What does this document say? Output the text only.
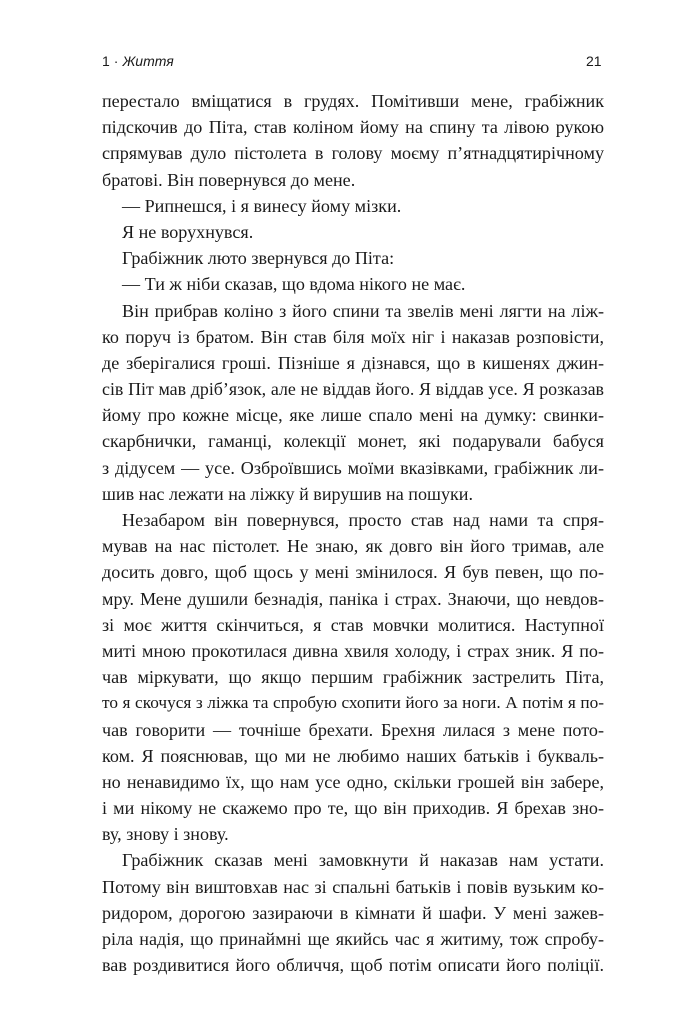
1 · Життя	21
перестало вміщатися в грудях. Помітивши мене, грабіжник
підскочив до Піта, став коліном йому на спину та лівою рукою
спрямував дуло пістолета в голову моєму п’ятнадцятирічному
братові. Він повернувся до мене.
— Рипнешся, і я винесу йому мізки.
Я не ворухнувся.
Грабіжник люто звернувся до Піта:
— Ти ж ніби сказав, що вдома нікого не має.
Він прибрав коліно з його спини та звелів мені лягти на ліж-
ко поруч із братом. Він став біля моїх ніг і наказав розповісти,
де зберігалися гроші. Пізніше я дізнався, що в кишенях джин-
сів Піт мав дріб’язок, але не віддав його. Я віддав усе. Я розказав
йому про кожне місце, яке лише спало мені на думку: свинки-
скарбнички, гаманці, колекції монет, які подарували бабуся
з дідусем — усе. Озброївшись моїми вказівками, грабіжник ли-
шив нас лежати на ліжку й вирушив на пошуки.
Незабаром він повернувся, просто став над нами та спря-
мував на нас пістолет. Не знаю, як довго він його тримав, але
досить довго, щоб щось у мені змінилося. Я був певен, що по-
мру. Мене душили безнадія, паніка і страх. Знаючи, що невдов-
зі моє життя скінчиться, я став мовчки молитися. Наступної
миті мною прокотилася дивна хвиля холоду, і страх зник. Я по-
чав міркувати, що якщо першим грабіжник застрелить Піта,
то я скочуся з ліжка та спробую схопити його за ноги. А потім я по-
чав говорити — точніше брехати. Брехня лилася з мене пото-
ком. Я пояснював, що ми не любимо наших батьків і букваль-
но ненавидимо їх, що нам усе одно, скільки грошей він забере,
і ми нікому не скажемо про те, що він приходив. Я брехав зно-
ву, знову і знову.
Грабіжник сказав мені замовкнути й наказав нам устати.
Потому він виштовхав нас зі спальні батьків і повів вузьким ко-
ридором, дорогою зазираючи в кімнати й шафи. У мені зажев-
ріла надія, що принаймні ще якийсь час я житиму, тож спробу-
вав роздивитися його обличчя, щоб потім описати його поліції.
